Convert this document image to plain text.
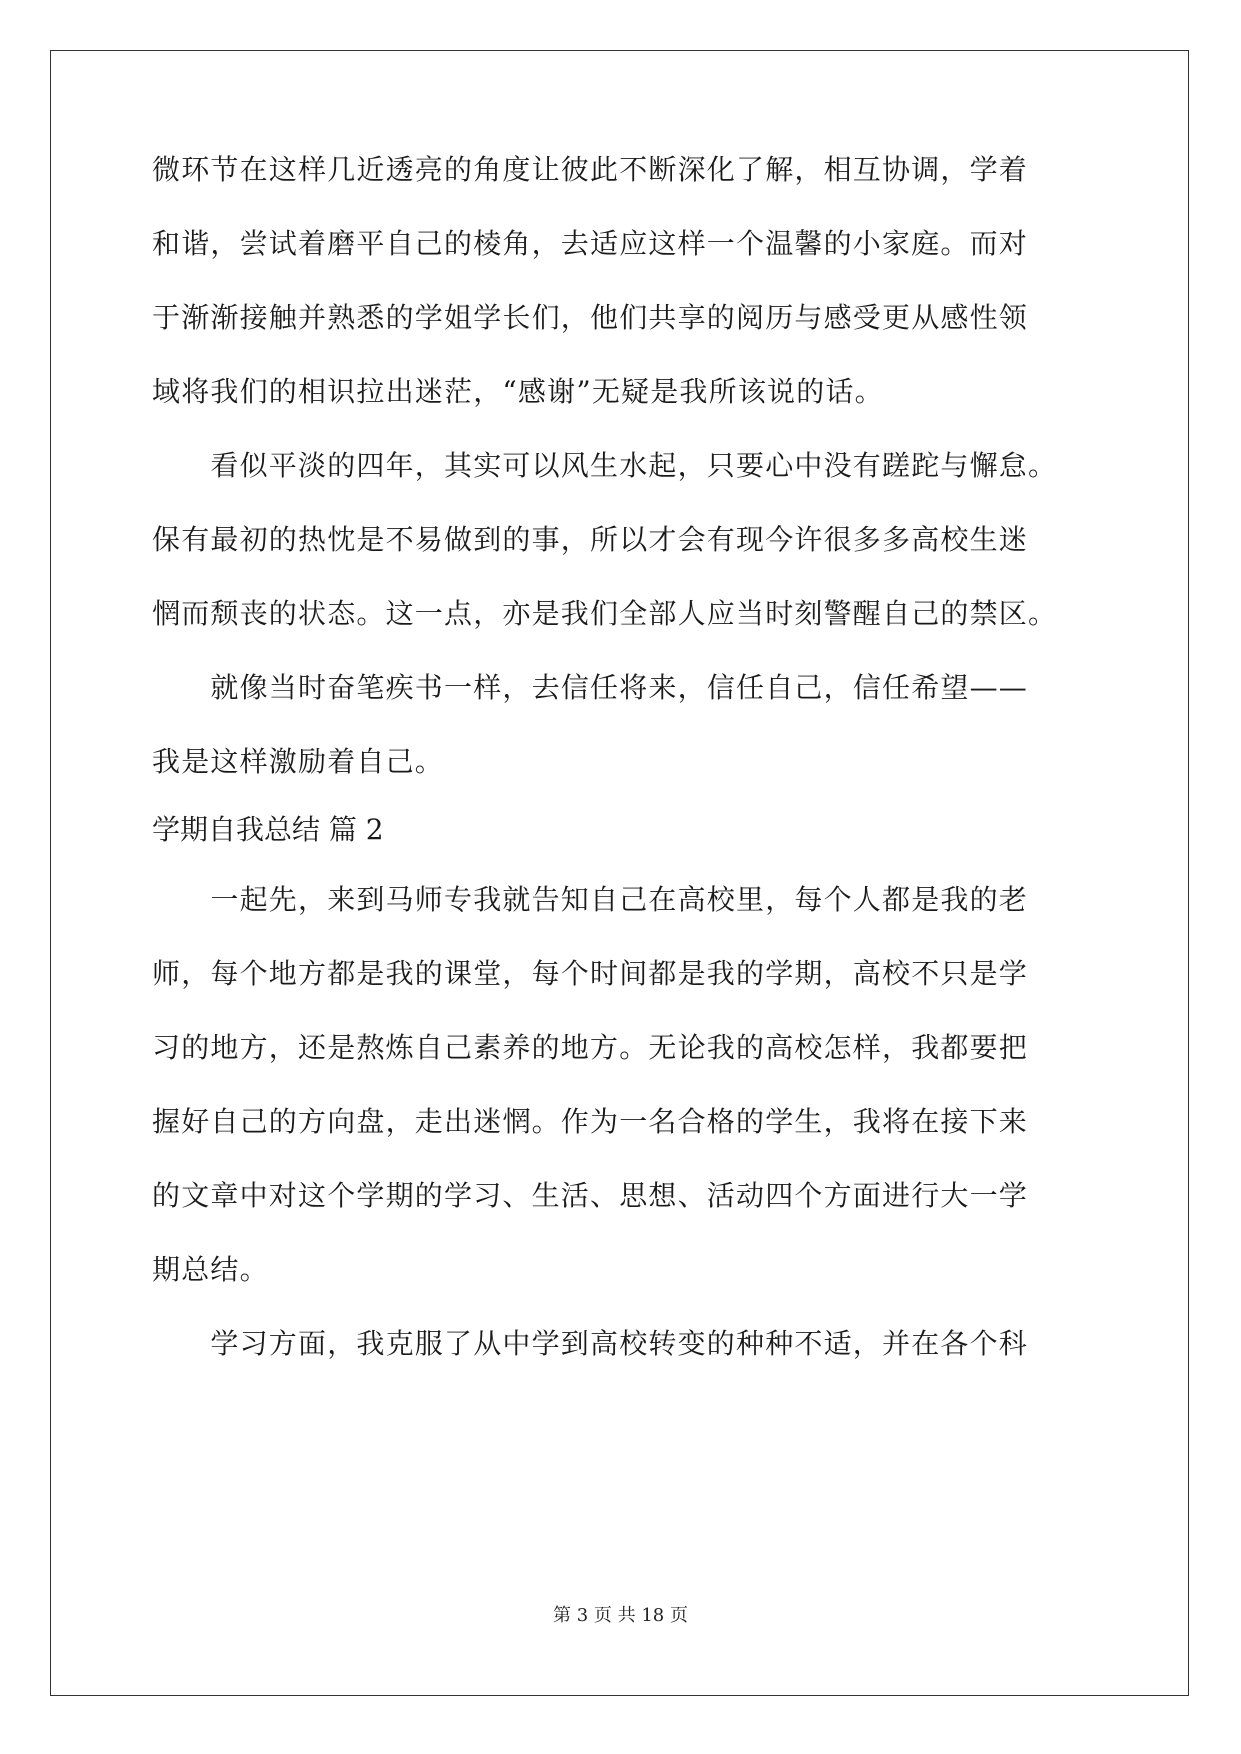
微环节在这样几近透亮的角度让彼此不断深化了解，相互协调，学着
和谐，尝试着磨平自己的棱角，去适应这样一个温馨的小家庭。而对
于渐渐接触并熟悉的学姐学长们，他们共享的阅历与感受更从感性领
域将我们的相识拉出迷茫，“感谢”无疑是我所该说的话。
　　看似平淡的四年，其实可以风生水起，只要心中没有蹉跎与懈怠。
保有最初的热忱是不易做到的事，所以才会有现今许很多多高校生迷
惘而颓丧的状态。这一点，亦是我们全部人应当时刻警醒自己的禁区。
　　就像当时奋笔疾书一样，去信任将来，信任自己，信任希望——
我是这样激励着自己。
学期自我总结 篇 2
　　一起先，来到马师专我就告知自己在高校里，每个人都是我的老
师，每个地方都是我的课堂，每个时间都是我的学期，高校不只是学
习的地方，还是熬炼自己素养的地方。无论我的高校怎样，我都要把
握好自己的方向盘，走出迷惘。作为一名合格的学生，我将在接下来
的文章中对这个学期的学习、生活、思想、活动四个方面进行大一学
期总结。
　　学习方面，我克服了从中学到高校转变的种种不适，并在各个科
第 3 页 共 18 页
